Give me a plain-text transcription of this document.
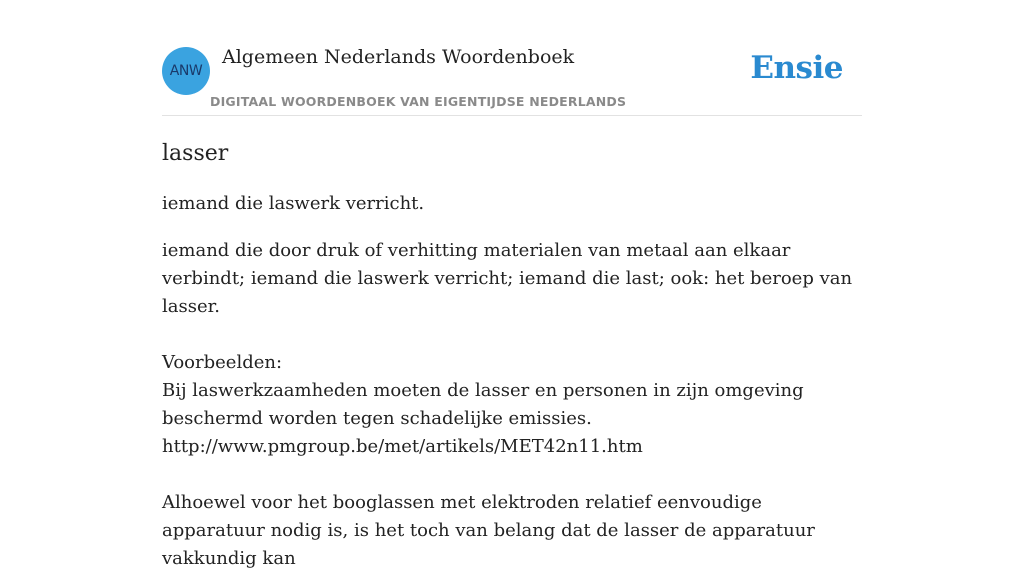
ANW
Algemeen Nederlands Woordenboek
DIGITAAL WOORDENBOEK VAN EIGENTIJDSE NEDERLANDS
Ensie
lasser

iemand die laswerk verricht.

iemand die door druk of verhitting materialen van metaal aan elkaar verbindt; iemand die laswerk verricht; iemand die last; ook: het beroep van lasser.

Voorbeelden:

Bij laswerkzaamheden moeten de lasser en personen in zijn omgeving beschermd worden tegen schadelijke emissies.

http://www.pmgroup.be/met/artikels/MET42n11.htm

Alhoewel voor het booglassen met elektroden relatief eenvoudige apparatuur nodig is, is het toch van belang dat de lasser de apparatuur vakkundig kan
